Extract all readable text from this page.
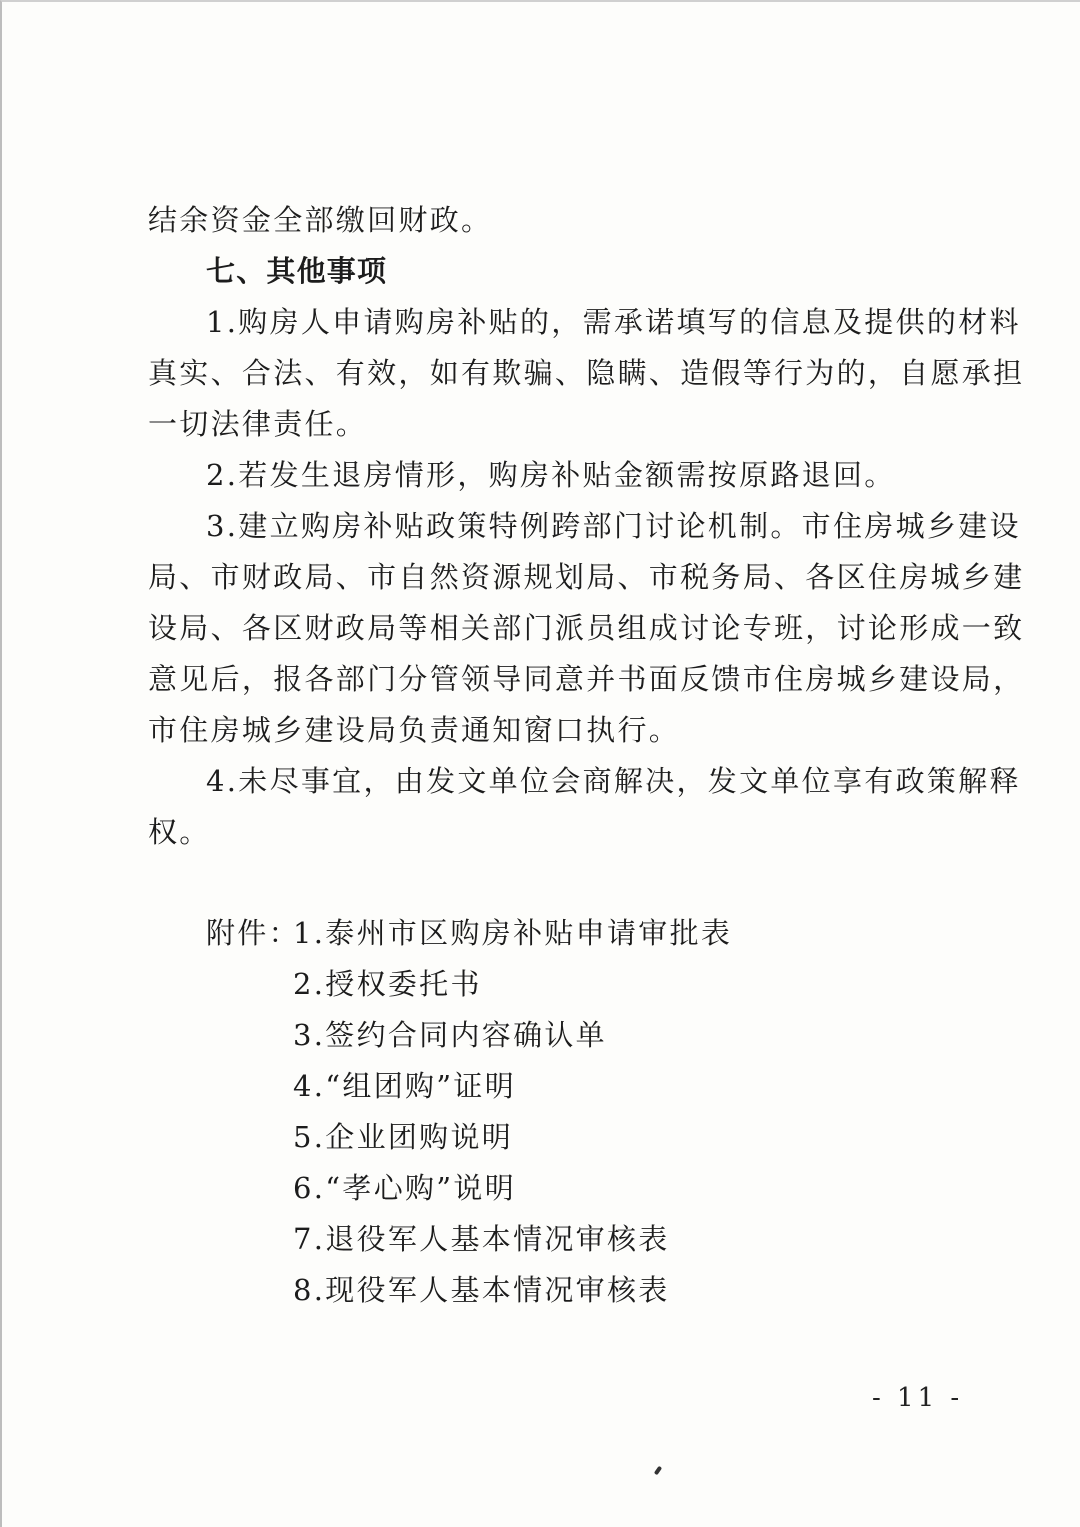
结余资金全部缴回财政。
七、其他事项
1.购房人申请购房补贴的，需承诺填写的信息及提供的材料
真实、合法、有效，如有欺骗、隐瞒、造假等行为的，自愿承担
一切法律责任。
2.若发生退房情形，购房补贴金额需按原路退回。
3.建立购房补贴政策特例跨部门讨论机制。市住房城乡建设
局、市财政局、市自然资源规划局、市税务局、各区住房城乡建
设局、各区财政局等相关部门派员组成讨论专班，讨论形成一致
意见后，报各部门分管领导同意并书面反馈市住房城乡建设局，
市住房城乡建设局负责通知窗口执行。
4.未尽事宜，由发文单位会商解决，发文单位享有政策解释
权。
附件：
1.泰州市区购房补贴申请审批表
2.授权委托书
3.签约合同内容确认单
4.“组团购”证明
5.企业团购说明
6.“孝心购”说明
7.退役军人基本情况审核表
8.现役军人基本情况审核表
- 11 -
